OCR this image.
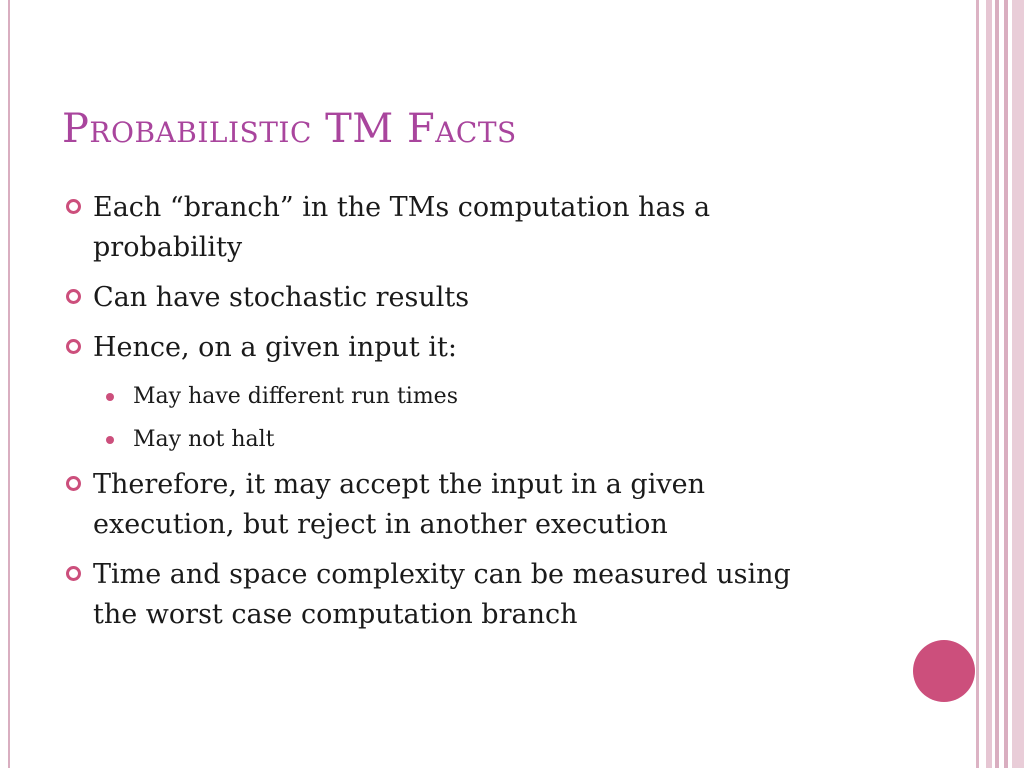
Probabilistic TM Facts
Each “branch” in the TMs computation has a probability
Can have stochastic results
Hence, on a given input it:
May have different run times
May not halt
Therefore, it may accept the input in a given execution, but reject in another execution
Time and space complexity can be measured using the worst case computation branch
